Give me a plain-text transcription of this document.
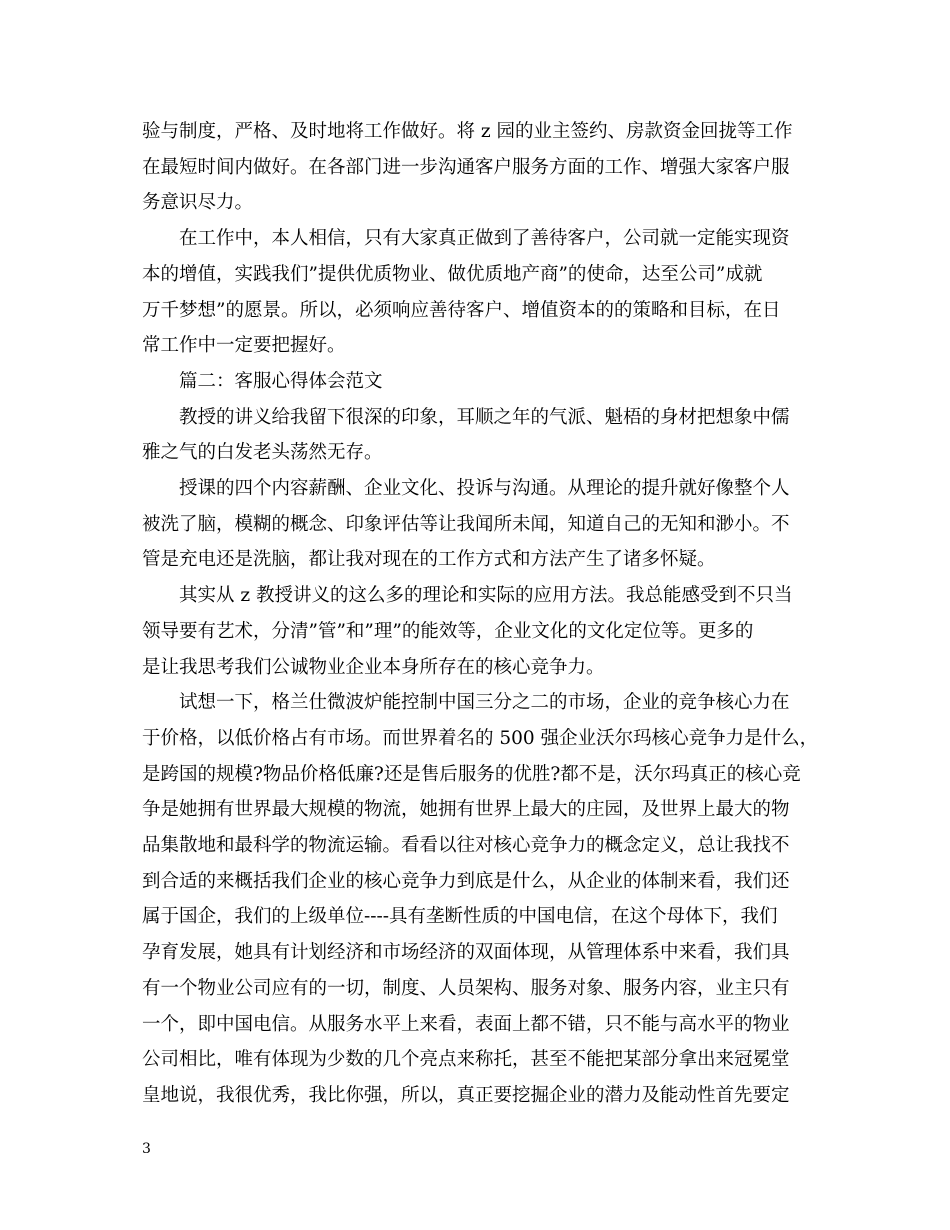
验与制度，严格、及时地将工作做好。将 z 园的业主签约、房款资金回拢等工作
在最短时间内做好。在各部门进一步沟通客户服务方面的工作、增强大家客户服
务意识尽力。

在工作中，本人相信，只有大家真正做到了善待客户，公司就一定能实现资
本的增值，实践我们”提供优质物业、做优质地产商”的使命，达至公司”成就
万千梦想”的愿景。所以，必须响应善待客户、增值资本的的策略和目标，在日
常工作中一定要把握好。

篇二：客服心得体会范文

教授的讲义给我留下很深的印象，耳顺之年的气派、魁梧的身材把想象中儒
雅之气的白发老头荡然无存。

授课的四个内容薪酬、企业文化、投诉与沟通。从理论的提升就好像整个人
被洗了脑，模糊的概念、印象评估等让我闻所未闻，知道自己的无知和渺小。不
管是充电还是洗脑，都让我对现在的工作方式和方法产生了诸多怀疑。

其实从 z 教授讲义的这么多的理论和实际的应用方法。我总能感受到不只当
领导要有艺术，分清”管”和”理”的能效等，企业文化的文化定位等。更多的
是让我思考我们公诚物业企业本身所存在的核心竞争力。

试想一下，格兰仕微波炉能控制中国三分之二的市场，企业的竞争核心力在
于价格，以低价格占有市场。而世界着名的 500 强企业沃尔玛核心竞争力是什么，
是跨国的规模?物品价格低廉?还是售后服务的优胜?都不是，沃尔玛真正的核心竞
争是她拥有世界最大规模的物流，她拥有世界上最大的庄园，及世界上最大的物
品集散地和最科学的物流运输。看看以往对核心竞争力的概念定义，总让我找不
到合适的来概括我们企业的核心竞争力到底是什么，从企业的体制来看，我们还
属于国企，我们的上级单位----具有垄断性质的中国电信，在这个母体下，我们
孕育发展，她具有计划经济和市场经济的双面体现，从管理体系中来看，我们具
有一个物业公司应有的一切，制度、人员架构、服务对象、服务内容，业主只有
一个，即中国电信。从服务水平上来看，表面上都不错，只不能与高水平的物业
公司相比，唯有体现为少数的几个亮点来称托，甚至不能把某部分拿出来冠冕堂
皇地说，我很优秀，我比你强，所以，真正要挖掘企业的潜力及能动性首先要定

3
